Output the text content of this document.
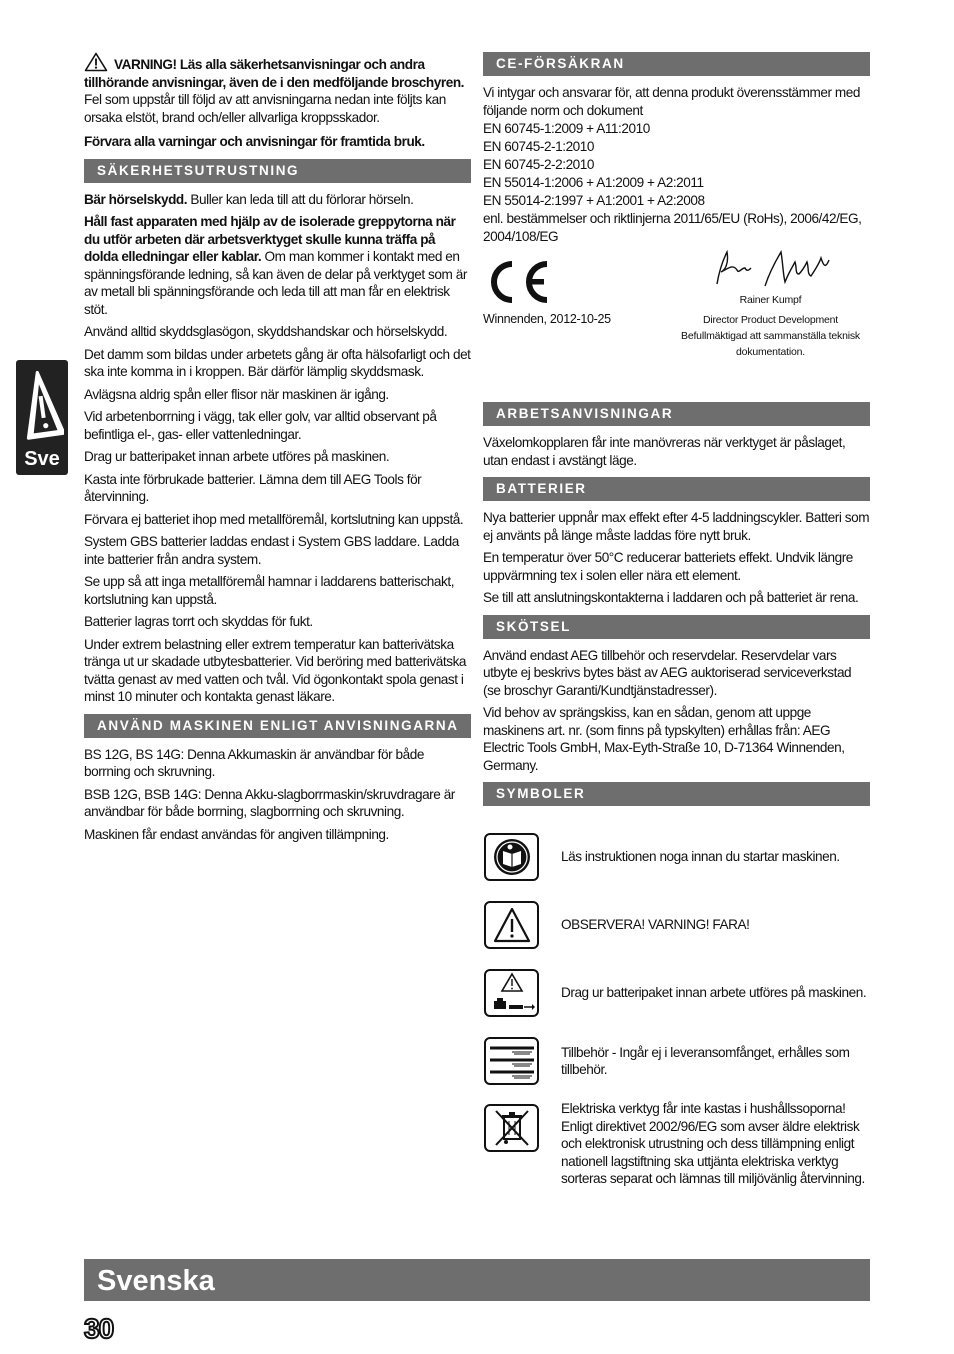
Sve

VARNING! Läs alla säkerhetsanvisningar och andra tillhörande anvisningar, även de i den medföljande broschyren. Fel som uppstår till följd av att anvisningarna nedan inte följts kan orsaka elstöt, brand och/eller allvarliga kroppsskador.

Förvara alla varningar och anvisningar för framtida bruk.

SÄKERHETSUTRUSTNING

Bär hörselskydd. Buller kan leda till att du förlorar hörseln.

Håll fast apparaten med hjälp av de isolerade greppytorna när du utför arbeten där arbetsverktyget skulle kunna träffa på dolda elledningar eller kablar. Om man kommer i kontakt med en spänningsförande ledning, så kan även de delar på verktyget som är av metall bli spänningsförande och leda till att man får en elektrisk stöt.

Använd alltid skyddsglasögon, skyddshandskar och hörselskydd.

Det damm som bildas under arbetets gång är ofta hälsofarligt och det ska inte komma in i kroppen. Bär därför lämplig skyddsmask.

Avlägsna aldrig spån eller flisor när maskinen är igång.

Vid arbetenborrning i vägg, tak eller golv, var alltid observant på befintliga el-, gas- eller vattenledningar.

Drag ur batteripaket innan arbete utföres på maskinen.

Kasta inte förbrukade batterier. Lämna dem till AEG Tools för återvinning.

Förvara ej batteriet ihop med metallföremål, kortslutning kan uppstå.

System GBS batterier laddas endast i System GBS laddare. Ladda inte batterier från andra system.

Se upp så att inga metallföremål hamnar i laddarens batterischakt, kortslutning kan uppstå.

Batterier lagras torrt och skyddas för fukt.

Under extrem belastning eller extrem temperatur kan batterivätska tränga ut ur skadade utbytesbatterier. Vid beröring med batterivätska tvätta genast av med vatten och tvål. Vid ögonkontakt spola genast i minst 10 minuter och kontakta genast läkare.

ANVÄND MASKINEN ENLIGT ANVISNINGARNA

BS 12G, BS 14G: Denna Akkumaskin är användbar för både borrning och skruvning.

BSB 12G, BSB 14G: Denna Akku-slagborrmaskin/skruvdragare är användbar för både borrning, slagborrning och skruvning.

Maskinen får endast användas för angiven tillämpning.

CE-FÖRSÄKRAN
Vi intygar och ansvarar för, att denna produkt överensstämmer med följande norm och dokument
EN 60745-1:2009 + A11:2010
EN 60745-2-1:2010
EN 60745-2-2:2010
EN 55014-1:2006 + A1:2009 + A2:2011
EN 55014-2:1997 + A1:2001 + A2:2008
enl. bestämmelser och riktlinjerna 2011/65/EU (RoHs), 2006/42/EG, 2004/108/EG
Winnenden, 2012-10-25
Rainer Kumpf
Director Product Development
Befullmäktigad att sammanställa teknisk dokumentation.
ARBETSANVISNINGAR

Växelomkopplaren får inte manövreras när verktyget är påslaget, utan endast i avstängt läge.

BATTERIER

Nya batterier uppnår max effekt efter 4-5 laddningscykler. Batteri som ej använts på länge måste laddas före nytt bruk.

En temperatur över 50°C reducerar batteriets effekt. Undvik längre uppvärmning tex i solen eller nära ett element.

Se till att anslutningskontakterna i laddaren och på batteriet är rena.

SKÖTSEL

Använd endast AEG tillbehör och reservdelar. Reservdelar vars utbyte ej beskrivs bytes bäst av AEG auktoriserad serviceverkstad (se broschyr Garanti/Kundtjänstadresser).

Vid behov av sprängskiss, kan en sådan, genom att uppge maskinens art. nr. (som finns på typskylten) erhållas från: AEG Electric Tools GmbH, Max-Eyth-Straße 10, D-71364 Winnenden, Germany.

SYMBOLER
Läs instruktionen noga innan du startar maskinen.
OBSERVERA! VARNING! FARA!
Drag ur batteripaket innan arbete utföres på maskinen.
Tillbehör - Ingår ej i leveransomfånget, erhålles som tillbehör.
Elektriska verktyg får inte kastas i hushållssoporna! Enligt direktivet 2002/96/EG som avser äldre elektrisk och elektronisk utrustning och dess tillämpning enligt nationell lagstiftning ska uttjänta elektriska verktyg sorteras separat och lämnas till miljövänlig återvinning.
Svenska
30
